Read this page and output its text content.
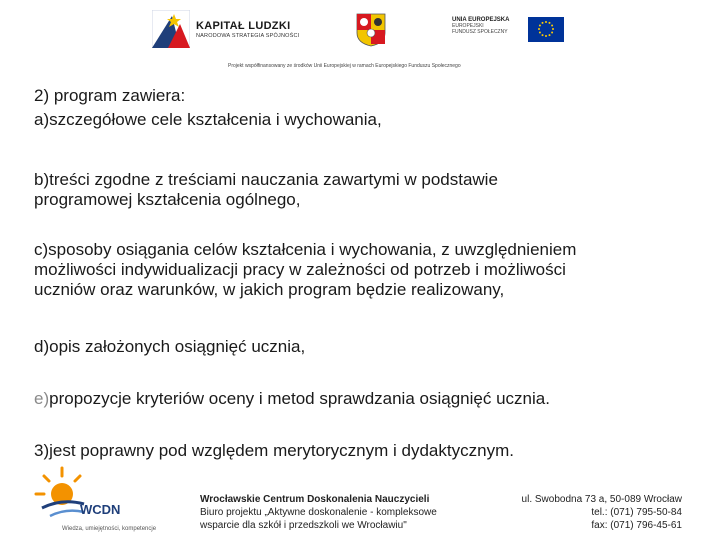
KAPITAŁ LUDZKI
NARODOWA STRATEGIA SPÓJNOŚCI
UNIA EUROPEJSKA
EUROPEJSKI
FUNDUSZ SPOŁECZNY
Projekt współfinansowany ze środków Unii Europejskiej w ramach Europejskiego Funduszu Społecznego

2) program zawiera:

a)szczegółowe cele kształcenia i wychowania,

b)treści zgodne z treściami nauczania zawartymi w podstawie

programowej kształcenia ogólnego,

c)sposoby osiągania celów kształcenia i wychowania, z uwzględnieniem

możliwości indywidualizacji pracy w zależności od potrzeb i możliwości

uczniów oraz warunków, w jakich program będzie realizowany,

d)opis założonych osiągnięć ucznia,

e)propozycje kryteriów oceny i metod sprawdzania osiągnięć ucznia.

3)jest poprawny pod względem merytorycznym i dydaktycznym.

WCDN
Wiedza, umiejętności, kompetencje
Wrocławskie Centrum Doskonalenia Nauczycieli
Biuro projektu „Aktywne doskonalenie - kompleksowe
wsparcie dla szkół i przedszkoli we Wrocławiu"
ul. Swobodna 73 a, 50-089 Wrocław
tel.: (071) 795-50-84
fax: (071) 796-45-61
